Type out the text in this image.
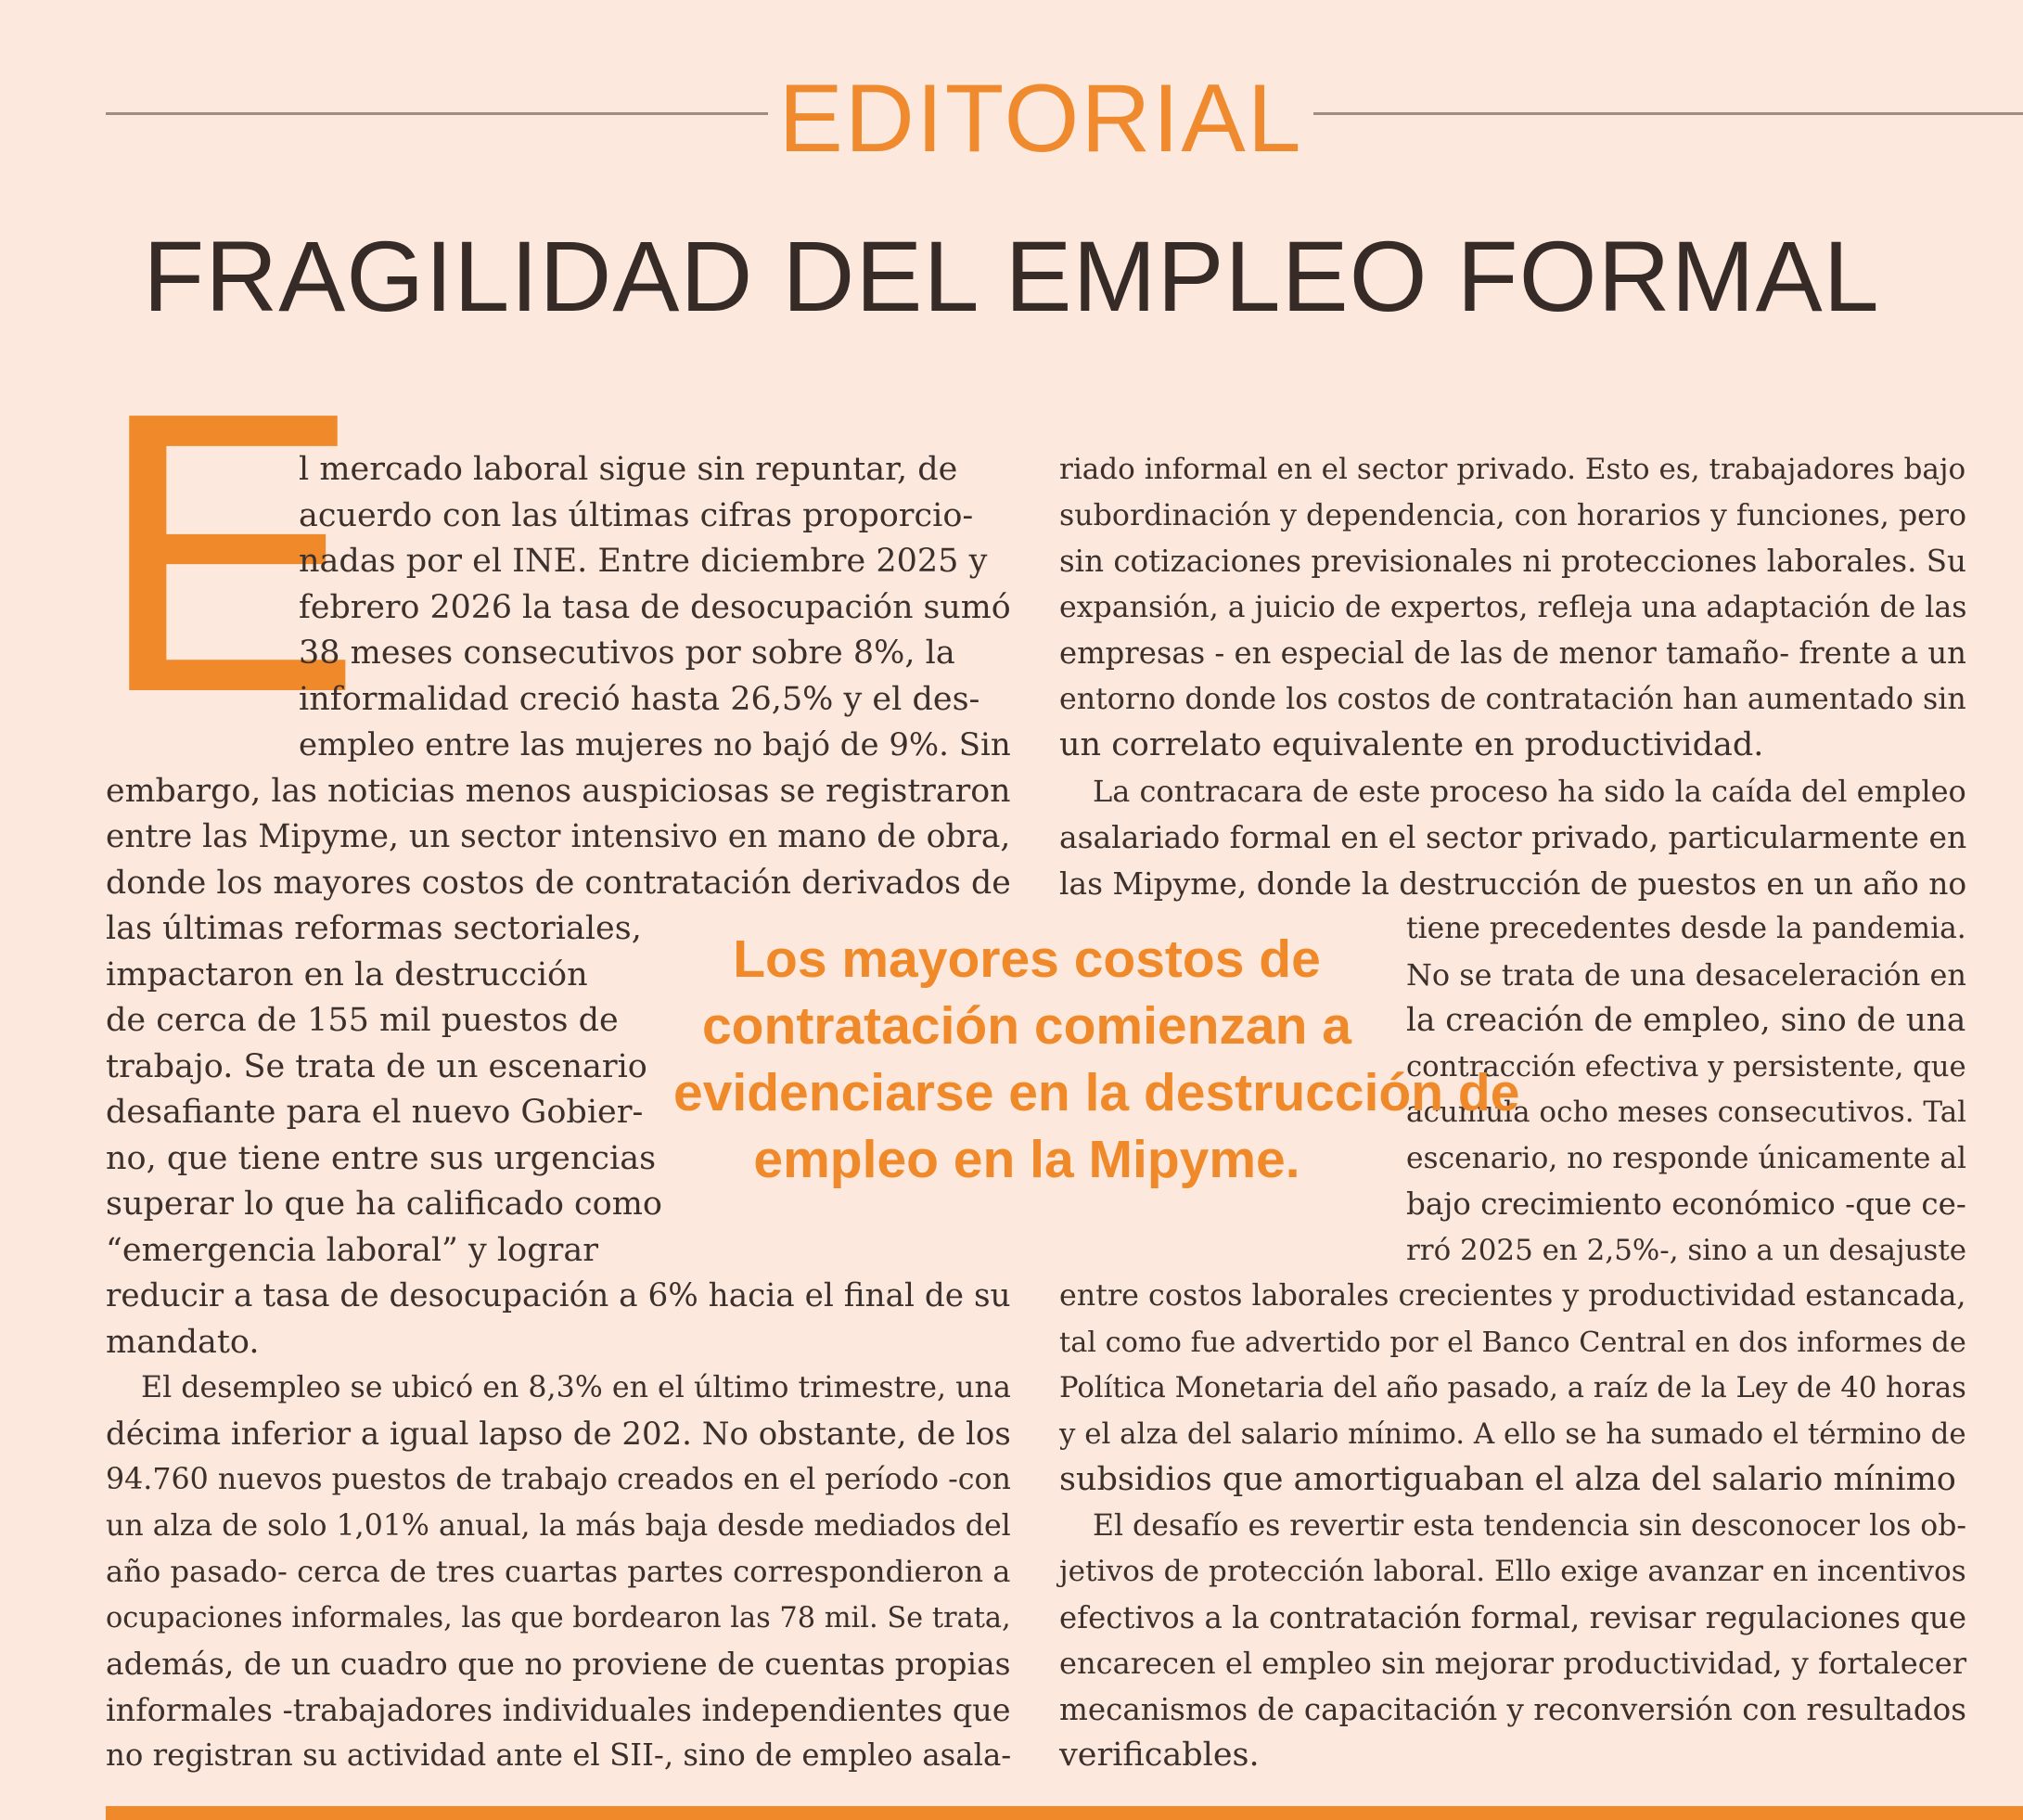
EDITORIAL
FRAGILIDAD DEL EMPLEO FORMAL
E
l mercado laboral sigue sin repuntar, de
acuerdo con las últimas cifras proporcio-
nadas por el INE. Entre diciembre 2025 y
febrero 2026 la tasa de desocupación sumó
38 meses consecutivos por sobre 8%, la
informalidad creció hasta 26,5% y el des-
empleo entre las mujeres no bajó de 9%. Sin
embargo, las noticias menos auspiciosas se registraron
entre las Mipyme, un sector intensivo en mano de obra,
donde los mayores costos de contratación derivados de
las últimas reformas sectoriales,
impactaron en la destrucción
de cerca de 155 mil puestos de
trabajo. Se trata de un escenario
desafiante para el nuevo Gobier-
no, que tiene entre sus urgencias
superar lo que ha calificado como
“emergencia laboral” y lograr
reducir a tasa de desocupación a 6% hacia el final de su
mandato.
El desempleo se ubicó en 8,3% en el último trimestre, una
décima inferior a igual lapso de 202. No obstante, de los
94.760 nuevos puestos de trabajo creados en el período -con
un alza de solo 1,01% anual, la más baja desde mediados del
año pasado- cerca de tres cuartas partes correspondieron a
ocupaciones informales, las que bordearon las 78 mil. Se trata,
además, de un cuadro que no proviene de cuentas propias
informales -trabajadores individuales independientes que
no registran su actividad ante el SII-, sino de empleo asala-
riado informal en el sector privado. Esto es, trabajadores bajo
subordinación y dependencia, con horarios y funciones, pero
sin cotizaciones previsionales ni protecciones laborales. Su
expansión, a juicio de expertos, refleja una adaptación de las
empresas - en especial de las de menor tamaño- frente a un
entorno donde los costos de contratación han aumentado sin
un correlato equivalente en productividad.
La contracara de este proceso ha sido la caída del empleo
asalariado formal en el sector privado, particularmente en
las Mipyme, donde la destrucción de puestos en un año no
tiene precedentes desde la pandemia.
No se trata de una desaceleración en
la creación de empleo, sino de una
contracción efectiva y persistente, que
acumula ocho meses consecutivos. Tal
escenario, no responde únicamente al
bajo crecimiento económico -que ce-
rró 2025 en 2,5%-, sino a un desajuste
entre costos laborales crecientes y productividad estancada,
tal como fue advertido por el Banco Central en dos informes de
Política Monetaria del año pasado, a raíz de la Ley de 40 horas
y el alza del salario mínimo. A ello se ha sumado el término de
subsidios que amortiguaban el alza del salario mínimo
El desafío es revertir esta tendencia sin desconocer los ob-
jetivos de protección laboral. Ello exige avanzar en incentivos
efectivos a la contratación formal, revisar regulaciones que
encarecen el empleo sin mejorar productividad, y fortalecer
mecanismos de capacitación y reconversión con resultados
verificables.
Los mayores costos de
contratación comienzan a
evidenciarse en la destrucción de
empleo en la Mipyme.
